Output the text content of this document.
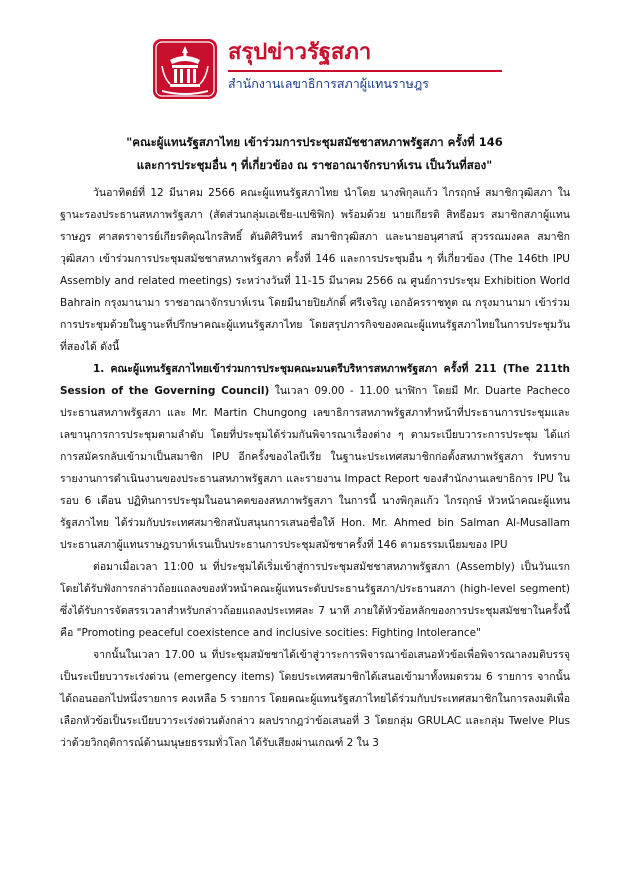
สรุปข่าวรัฐสภา
สำนักงานเลขาธิการสภาผู้แทนราษฎร
"คณะผู้แทนรัฐสภาไทย เข้าร่วมการประชุมสมัชชาสหภาพรัฐสภา ครั้งที่ 146
และการประชุมอื่น ๆ ที่เกี่ยวข้อง ณ ราชอาณาจักรบาห์เรน เป็นวันที่สอง"

วันอาทิตย์ที่ 12 มีนาคม 2566 คณะผู้แทนรัฐสภาไทย นำโดย นางพิกุลแก้ว ไกรฤกษ์ สมาชิกวุฒิสภา ในฐานะรองประธานสหภาพรัฐสภา (สัดส่วนกลุ่มเอเชีย-แปซิฟิก) พร้อมด้วย นายเกียรติ สิทธีอมร สมาชิกสภาผู้แทนราษฎร ศาสตราจารย์เกียรติคุณไกรสิทธิ์ ตันติศิรินทร์ สมาชิกวุฒิสภา และนายอนุศาสน์ สุวรรณมงคล สมาชิกวุฒิสภา เข้าร่วมการประชุมสมัชชาสหภาพรัฐสภา ครั้งที่ 146 และการประชุมอื่น ๆ ที่เกี่ยวข้อง (The 146th IPU Assembly and related meetings) ระหว่างวันที่ 11-15 มีนาคม 2566 ณ ศูนย์การประชุม Exhibition World Bahrain กรุงมานามา ราชอาณาจักรบาห์เรน โดยมีนายปิยภักดิ์ ศรีเจริญ เอกอัครราชทูต ณ กรุงมานามา เข้าร่วมการประชุมด้วยในฐานะที่ปรึกษาคณะผู้แทนรัฐสภาไทย โดยสรุปภารกิจของคณะผู้แทนรัฐสภาไทยในการประชุมวันที่สองได้ ดังนี้

1. คณะผู้แทนรัฐสภาไทยเข้าร่วมการประชุมคณะมนตรีบริหารสหภาพรัฐสภา ครั้งที่ 211 (The 211th Session of the Governing Council) ในเวลา 09.00 - 11.00 นาฬิกา โดยมี Mr. Duarte Pacheco ประธานสหภาพรัฐสภา และ Mr. Martin Chungong เลขาธิการสหภาพรัฐสภาทำหน้าที่ประธานการประชุมและเลขานุการการประชุมตามลำดับ โดยที่ประชุมได้ร่วมกันพิจารณาเรื่องต่าง ๆ ตามระเบียบวาระการประชุม ได้แก่ การสมัครกลับเข้ามาเป็นสมาชิก IPU อีกครั้งของไลบีเรีย ในฐานะประเทศสมาชิกก่อตั้งสหภาพรัฐสภา รับทราบรายงานการดำเนินงานของประธานสหภาพรัฐสภา และรายงาน Impact Report ของสำนักงานเลขาธิการ IPU ในรอบ 6 เดือน ปฏิทินการประชุมในอนาคตของสหภาพรัฐสภา ในการนี้ นางพิกุลแก้ว ไกรฤกษ์ หัวหน้าคณะผู้แทนรัฐสภาไทย ได้ร่วมกับประเทศสมาชิกสนับสนุนการเสนอชื่อให้ Hon. Mr. Ahmed bin Salman Al-Musallam ประธานสภาผู้แทนราษฎรบาห์เรนเป็นประธานการประชุมสมัชชาครั้งที่ 146 ตามธรรมเนียมของ IPU

ต่อมาเมื่อเวลา 11:00 น ที่ประชุมได้เริ่มเข้าสู่การประชุมสมัชชาสหภาพรัฐสภา (Assembly) เป็นวันแรก โดยได้รับฟังการกล่าวถ้อยแถลงของหัวหน้าคณะผู้แทนระดับประธานรัฐสภา/ประธานสภา (high-level segment) ซึ่งได้รับการจัดสรรเวลาสำหรับกล่าวถ้อยแถลงประเทศละ 7 นาที ภายใต้หัวข้อหลักของการประชุมสมัชชาในครั้งนี้ คือ "Promoting peaceful coexistence and inclusive socities: Fighting Intolerance"

จากนั้นในเวลา 17.00 น ที่ประชุมสมัชชาได้เข้าสู่วาระการพิจารณาข้อเสนอหัวข้อเพื่อพิจารณาลงมติบรรจุเป็นระเบียบวาระเร่งด่วน (emergency items) โดยประเทศสมาชิกได้เสนอเข้ามาทั้งหมดรวม 6 รายการ จากนั้นได้ถอนออกไปหนึ่งรายการ คงเหลือ 5 รายการ โดยคณะผู้แทนรัฐสภาไทยได้ร่วมกับประเทศสมาชิกในการลงมติเพื่อเลือกหัวข้อเป็นระเบียบวาระเร่งด่วนดังกล่าว ผลปรากฎว่าข้อเสนอที่ 3 โดยกลุ่ม GRULAC และกลุ่ม Twelve Plus ว่าด้วยวิกฤติการณ์ด้านมนุษยธรรมทั่วโลก ได้รับเสียงผ่านเกณฑ์ 2 ใน 3
